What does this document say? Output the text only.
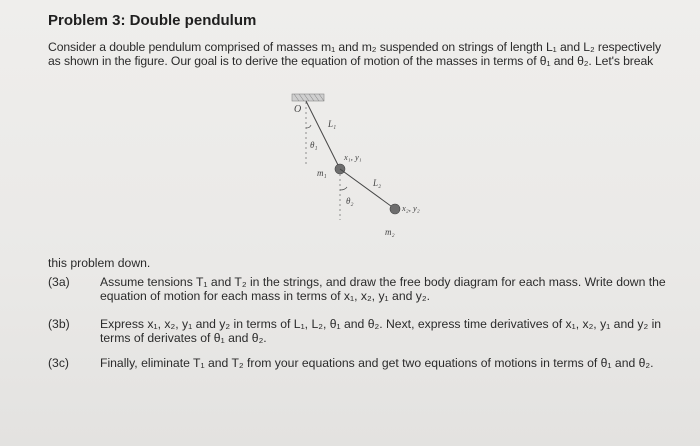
Problem 3: Double pendulum
Consider a double pendulum comprised of masses m₁ and m₂ suspended on strings of length L₁ and L₂ respectively
as shown in the figure. Our goal is to derive the equation of motion of the masses in terms of θ₁ and θ₂. Let's break
O
L₁
θ₁
x₁, y₁
m₁
L₂
θ₂
x₂, y₂
m₂
this problem down.
(3a) Assume tensions T₁ and T₂ in the strings, and draw the free body diagram for each mass. Write down the
equation of motion for each mass in terms of x₁, x₂, y₁ and y₂.
(3b) Express x₁, x₂, y₁ and y₂ in terms of L₁, L₂, θ₁ and θ₂. Next, express time derivatives of x₁, x₂, y₁ and y₂ in
terms of derivates of θ₁ and θ₂.
(3c)	Finally, eliminate T₁ and T₂ from your equations and get two equations of motions in terms of θ₁ and θ₂.
